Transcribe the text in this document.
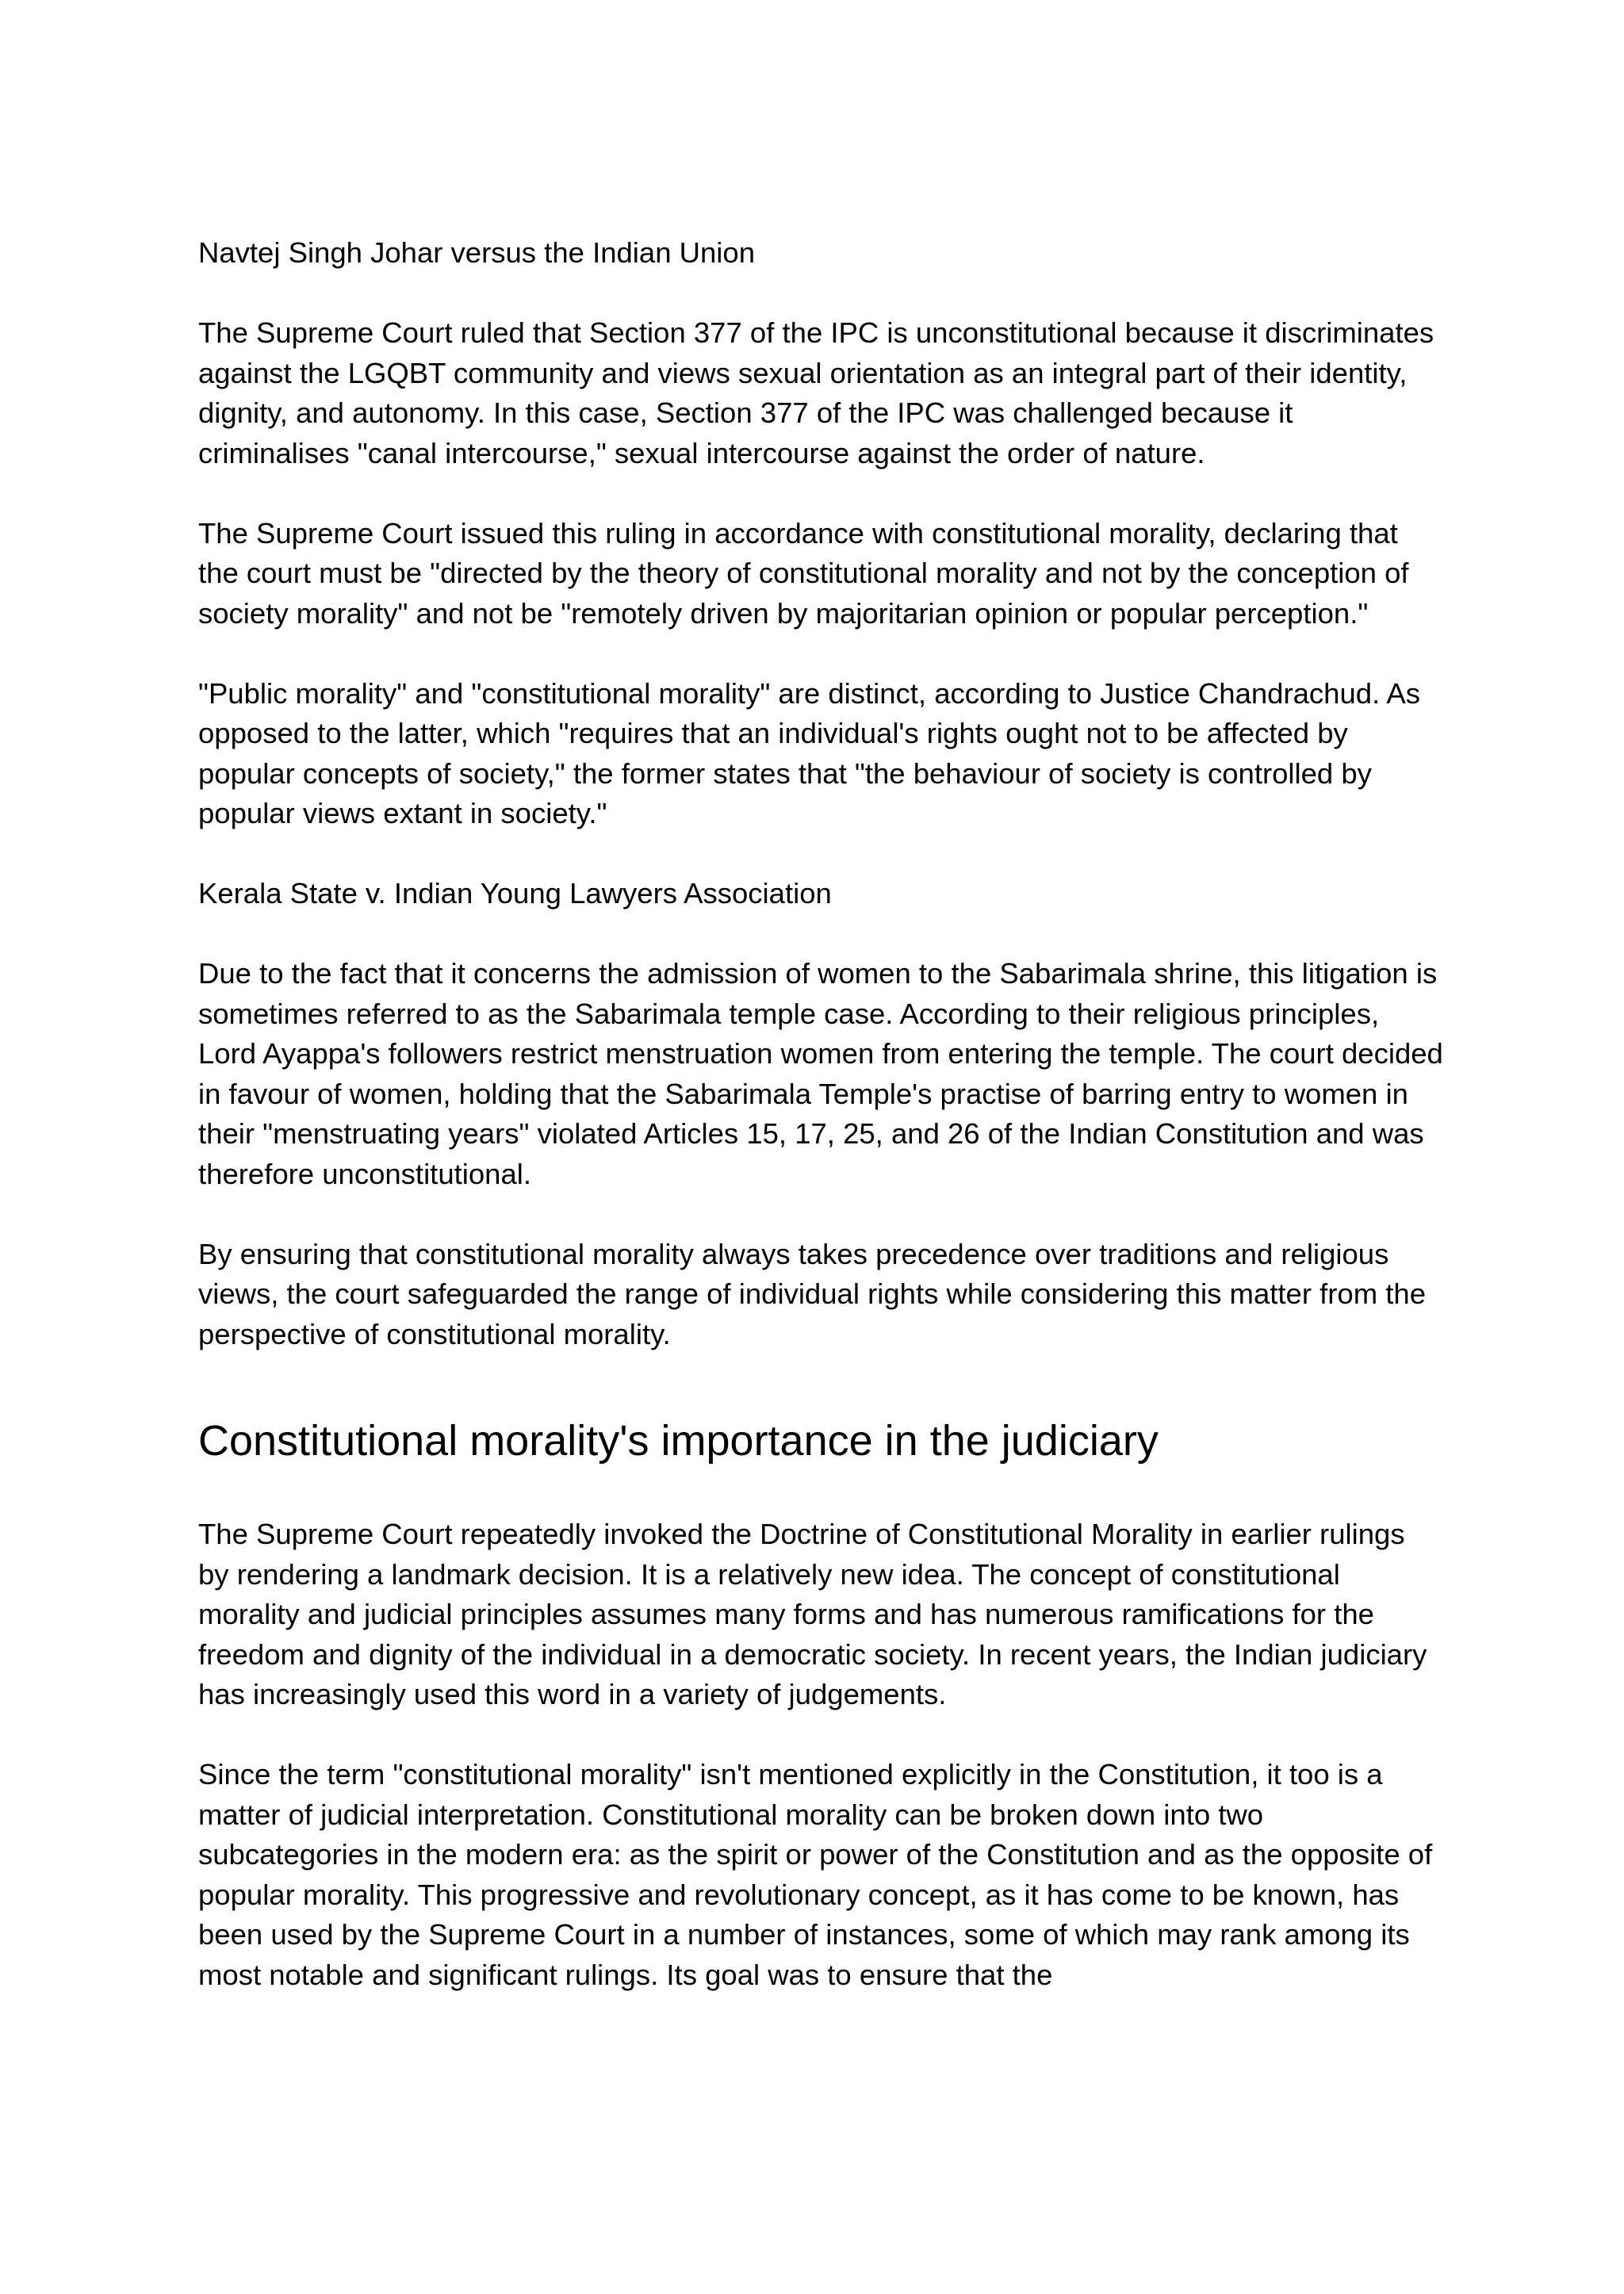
Navtej Singh Johar versus the Indian Union

The Supreme Court ruled that Section 377 of the IPC is unconstitutional because it discriminates against the LGQBT community and views sexual orientation as an integral part of their identity, dignity, and autonomy. In this case, Section 377 of the IPC was challenged because it criminalises "canal intercourse," sexual intercourse against the order of nature.

The Supreme Court issued this ruling in accordance with constitutional morality, declaring that the court must be "directed by the theory of constitutional morality and not by the conception of society morality" and not be "remotely driven by majoritarian opinion or popular perception."

"Public morality" and "constitutional morality" are distinct, according to Justice Chandrachud. As opposed to the latter, which "requires that an individual's rights ought not to be affected by popular concepts of society," the former states that "the behaviour of society is controlled by popular views extant in society."

Kerala State v. Indian Young Lawyers Association

Due to the fact that it concerns the admission of women to the Sabarimala shrine, this litigation is sometimes referred to as the Sabarimala temple case. According to their religious principles, Lord Ayappa's followers restrict menstruation women from entering the temple. The court decided in favour of women, holding that the Sabarimala Temple's practise of barring entry to women in their "menstruating years" violated Articles 15, 17, 25, and 26 of the Indian Constitution and was therefore unconstitutional.

By ensuring that constitutional morality always takes precedence over traditions and religious views, the court safeguarded the range of individual rights while considering this matter from the perspective of constitutional morality.

Constitutional morality's importance in the judiciary

The Supreme Court repeatedly invoked the Doctrine of Constitutional Morality in earlier rulings by rendering a landmark decision. It is a relatively new idea. The concept of constitutional morality and judicial principles assumes many forms and has numerous ramifications for the freedom and dignity of the individual in a democratic society. In recent years, the Indian judiciary has increasingly used this word in a variety of judgements.

Since the term "constitutional morality" isn't mentioned explicitly in the Constitution, it too is a matter of judicial interpretation. Constitutional morality can be broken down into two subcategories in the modern era: as the spirit or power of the Constitution and as the opposite of popular morality. This progressive and revolutionary concept, as it has come to be known, has been used by the Supreme Court in a number of instances, some of which may rank among its most notable and significant rulings. Its goal was to ensure that the
